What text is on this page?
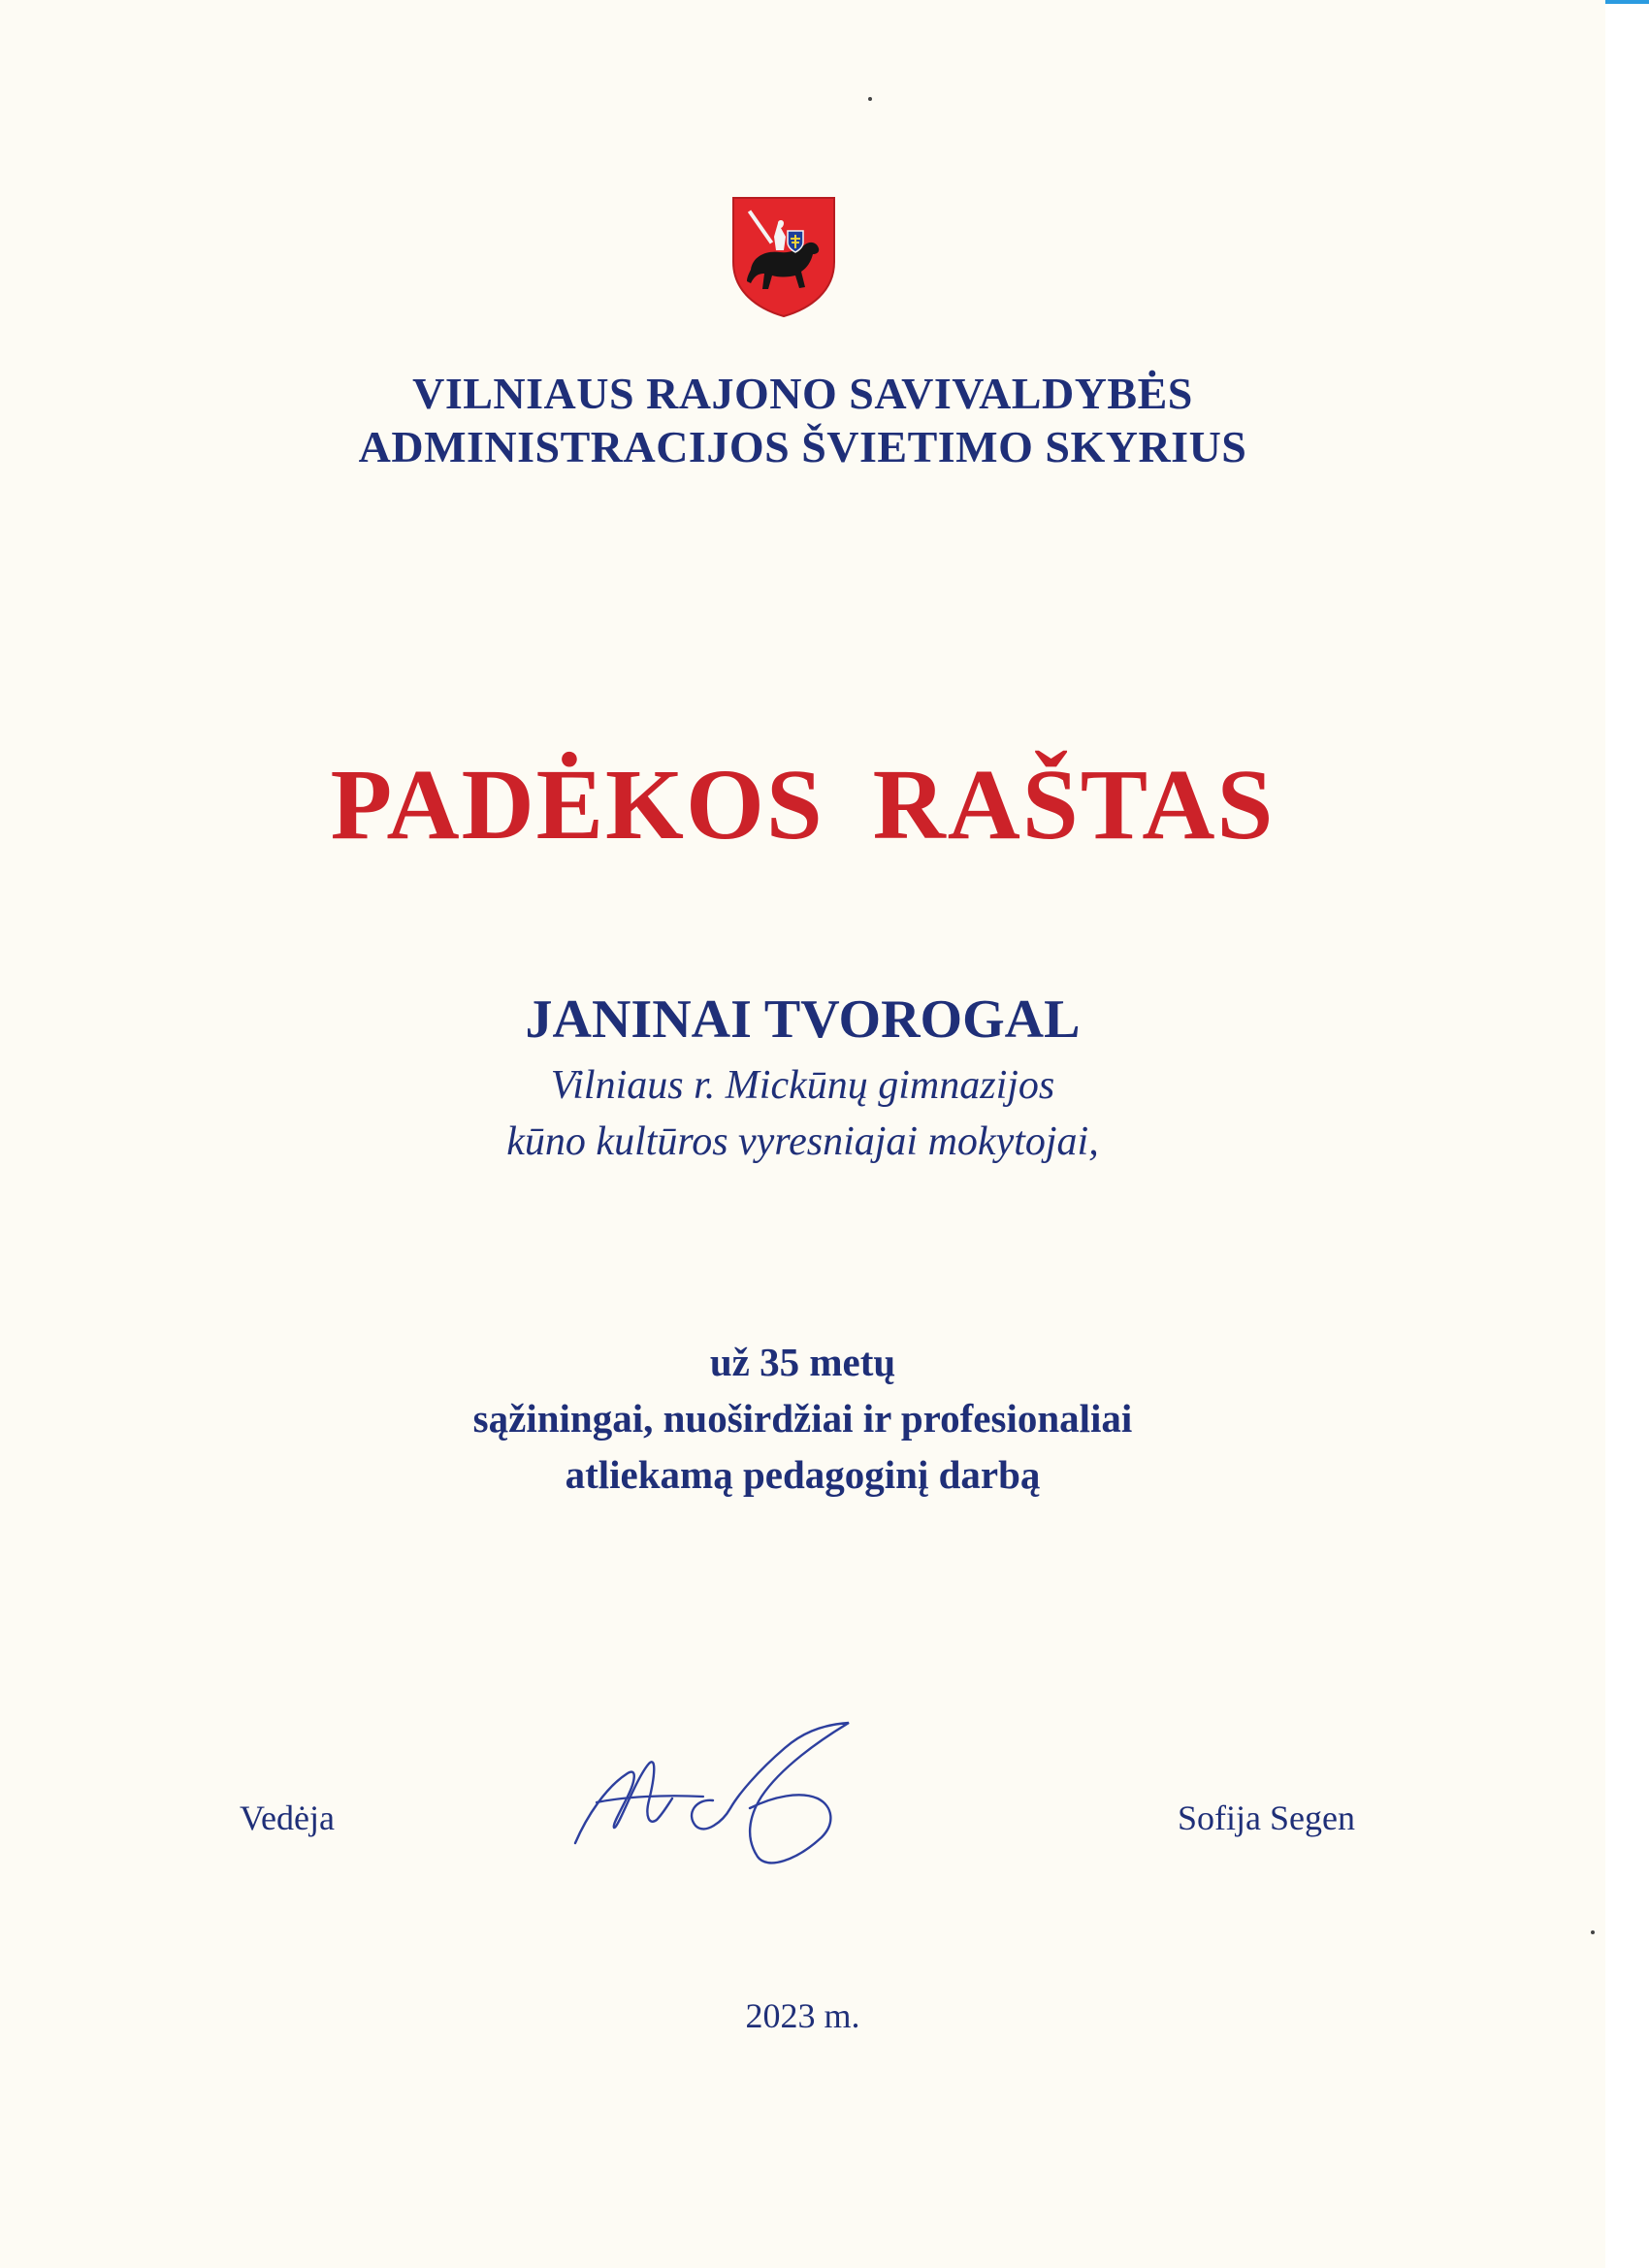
VILNIAUS RAJONO SAVIVALDYBĖS
ADMINISTRACIJOS ŠVIETIMO SKYRIUS
PADĖKOS RAŠTAS
JANINAI TVOROGAL
Vilniaus r. Mickūnų gimnazijos
kūno kultūros vyresniajai mokytojai,
už 35 metų
sąžiningai, nuoširdžiai ir profesionaliai
atliekamą pedagoginį darbą
Vedėja	Sofija Segen
2023 m.
